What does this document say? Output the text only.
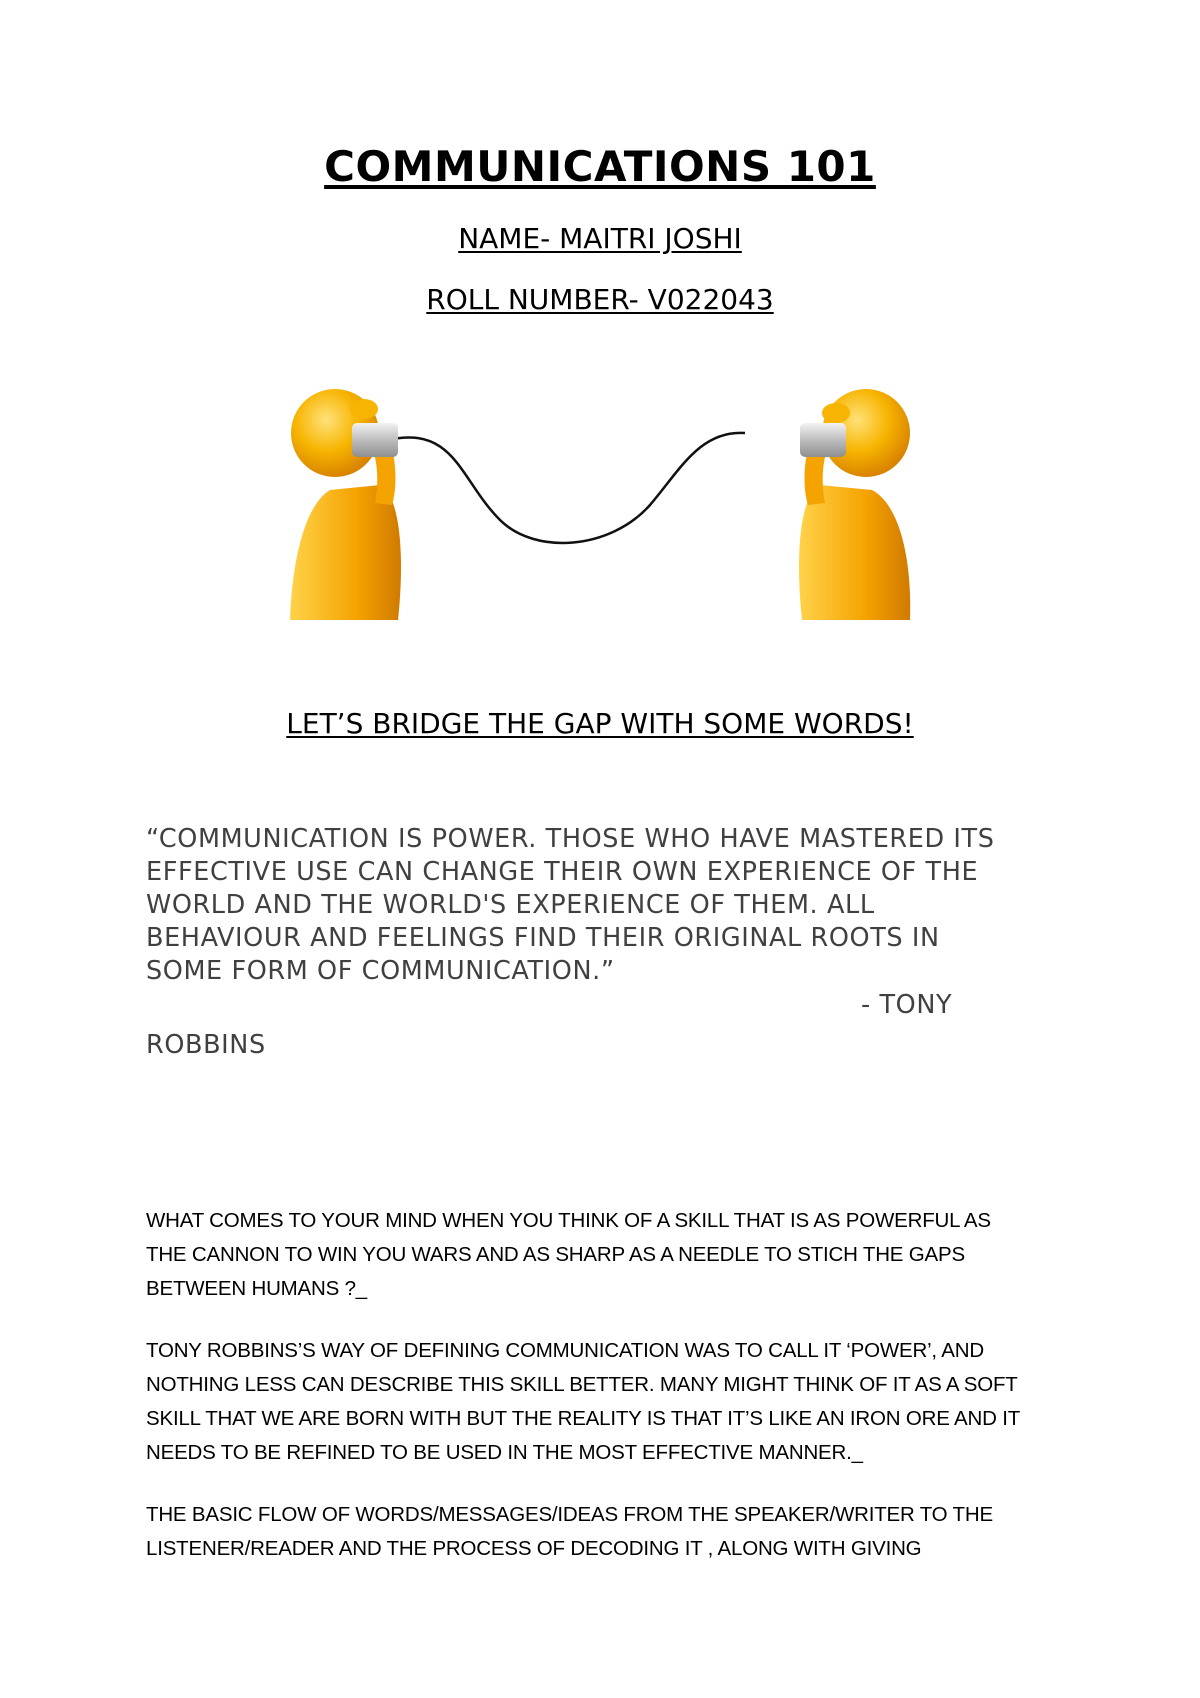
COMMUNICATIONS 101
NAME- MAITRI JOSHI
ROLL NUMBER- V022043
LET’S BRIDGE THE GAP WITH SOME WORDS!
“COMMUNICATION IS POWER. THOSE WHO HAVE MASTERED ITS
EFFECTIVE USE CAN CHANGE THEIR OWN EXPERIENCE OF THE
WORLD AND THE WORLD'S EXPERIENCE OF THEM. ALL
BEHAVIOUR AND FEELINGS FIND THEIR ORIGINAL ROOTS IN
SOME FORM OF COMMUNICATION.”
- TONY
ROBBINS
WHAT COMES TO YOUR MIND WHEN YOU THINK OF A SKILL THAT IS AS POWERFUL AS
THE CANNON TO WIN YOU WARS AND AS SHARP AS A NEEDLE TO STICH THE GAPS
BETWEEN HUMANS ?_
TONY ROBBINS’S WAY OF DEFINING COMMUNICATION WAS TO CALL IT ‘POWER’, AND
NOTHING LESS CAN DESCRIBE THIS SKILL BETTER. MANY MIGHT THINK OF IT AS A SOFT
SKILL THAT WE ARE BORN WITH BUT THE REALITY IS THAT IT’S LIKE AN IRON ORE AND IT
NEEDS TO BE REFINED TO BE USED IN THE MOST EFFECTIVE MANNER._
THE BASIC FLOW OF WORDS/MESSAGES/IDEAS FROM THE SPEAKER/WRITER TO THE
LISTENER/READER AND THE PROCESS OF DECODING IT , ALONG WITH GIVING
